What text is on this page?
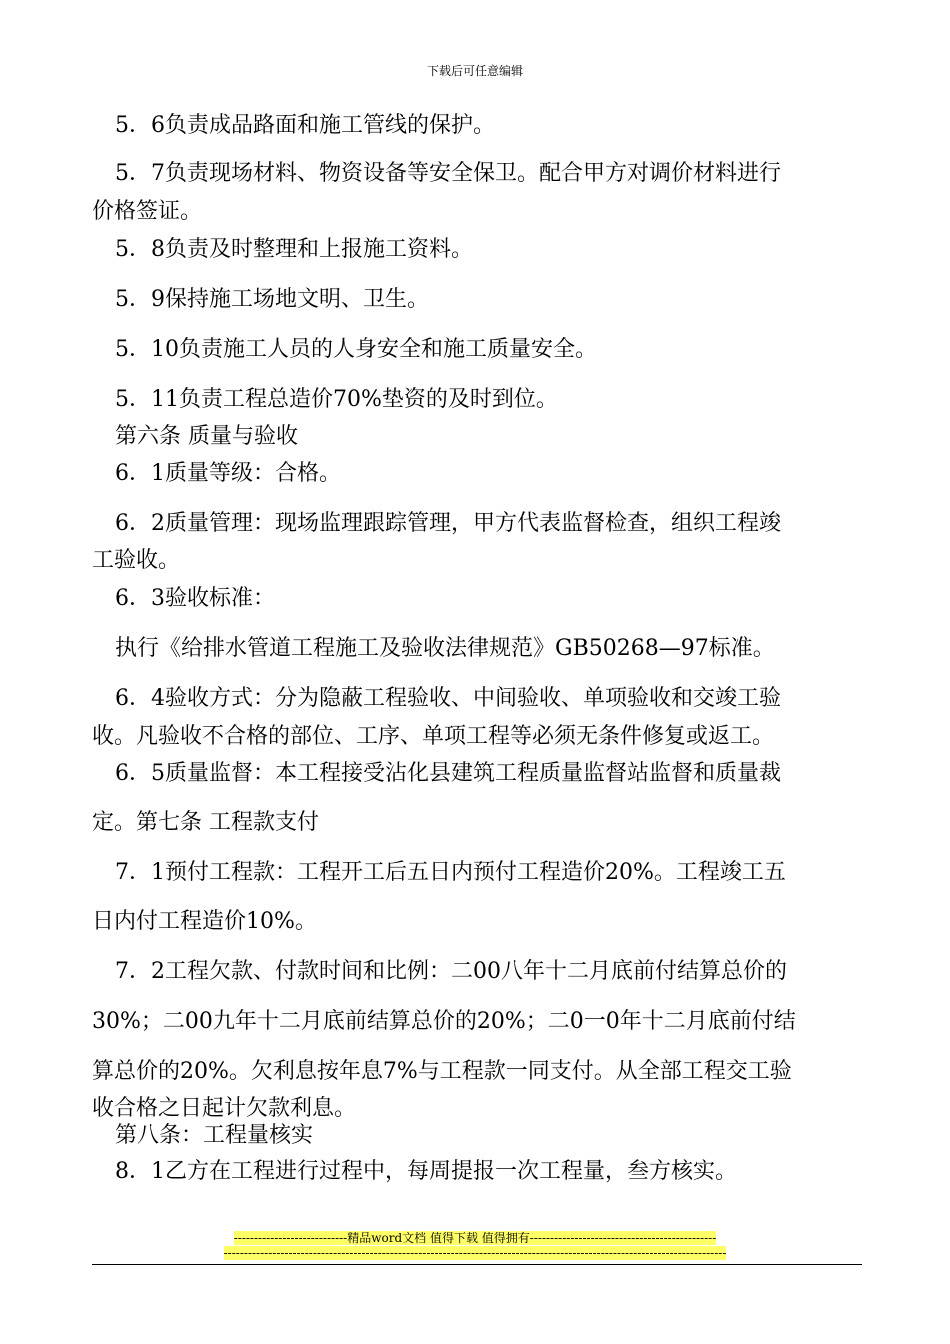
下载后可任意编辑
5．6负责成品路面和施工管线的保护。
5．7负责现场材料、物资设备等安全保卫。配合甲方对调价材料进行
价格签证。
5．8负责及时整理和上报施工资料。
5．9保持施工场地文明、卫生。
5．10负责施工人员的人身安全和施工质量安全。
5．11负责工程总造价70%垫资的及时到位。
第六条 质量与验收
6．1质量等级：合格。
6．2质量管理：现场监理跟踪管理，甲方代表监督检查，组织工程竣
工验收。
6．3验收标准：
执行《给排水管道工程施工及验收法律规范》GB50268—97标准。
6．4验收方式：分为隐蔽工程验收、中间验收、单项验收和交竣工验
收。凡验收不合格的部位、工序、单项工程等必须无条件修复或返工。
6．5质量监督：本工程接受沾化县建筑工程质量监督站监督和质量裁
定。第七条 工程款支付
7．1预付工程款：工程开工后五日内预付工程造价20%。工程竣工五
日内付工程造价10%。
7．2工程欠款、付款时间和比例：二00八年十二月底前付结算总价的
30%；二00九年十二月底前结算总价的20%；二0一0年十二月底前付结
算总价的20%。欠利息按年息7%与工程款一同支付。从全部工程交工验
收合格之日起计欠款利息。
第八条：工程量核实
8．1乙方在工程进行过程中，每周提报一次工程量，叁方核实。
----------------------------精品word文档 值得下载 值得拥有----------------------------------------------
----------------------------------------------------------------------------------------------------------------------------
